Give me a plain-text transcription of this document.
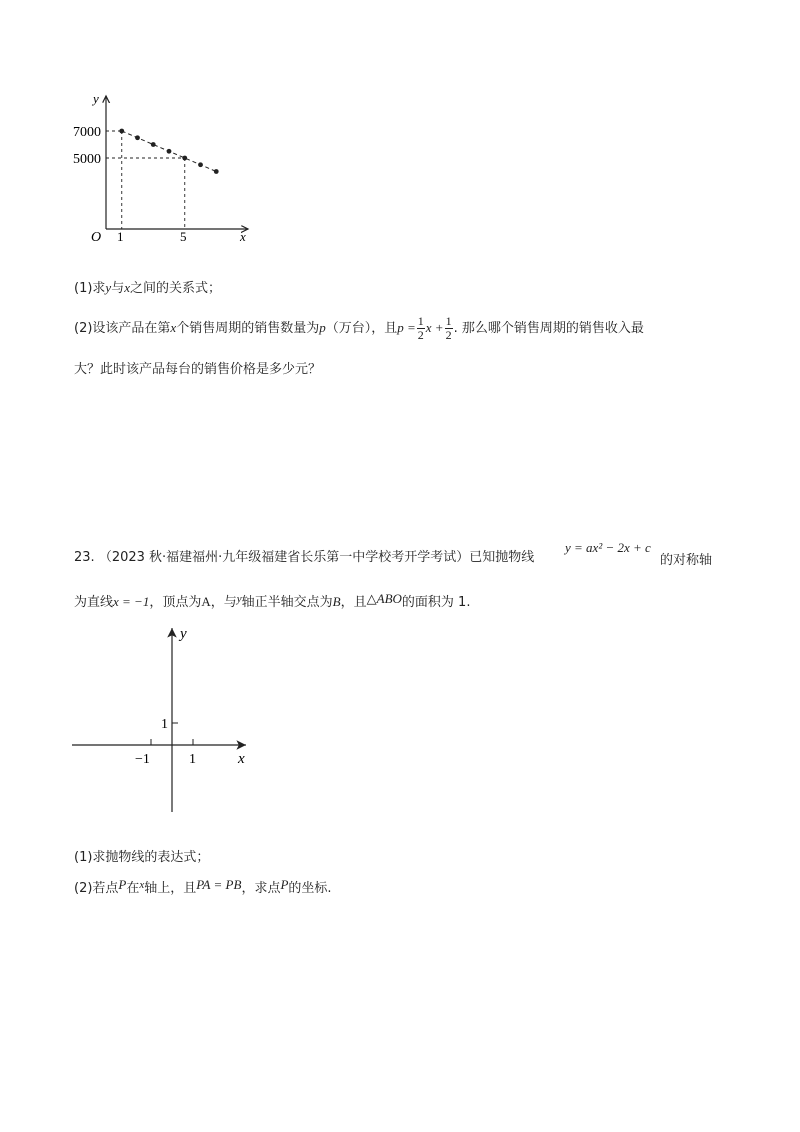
y
x
O
7000
5000
1	5
(1)求y与x之间的关系式；
(2)设该产品在第x个销售周期的销售数量为p（万台），且$p = \frac{1}{2}$ $x + \frac{1}{2}$ . 那么哪个销售周期的销售收入最
大？此时该产品每台的销售价格是多少元？
23. （2023 秋·福建福州·九年级福建省长乐第一中学校考开学考试）已知抛物线
y = ax² − 2x + c
的对称轴
为直线x = −1，顶点为A，与$^y$轴正半轴交点为B，且△ABO的面积为 1.
y
x
1
−1	1
(1)求抛物线的表达式；
(2)若点P在$^x$轴上，且PA = PB，求点P的坐标.
